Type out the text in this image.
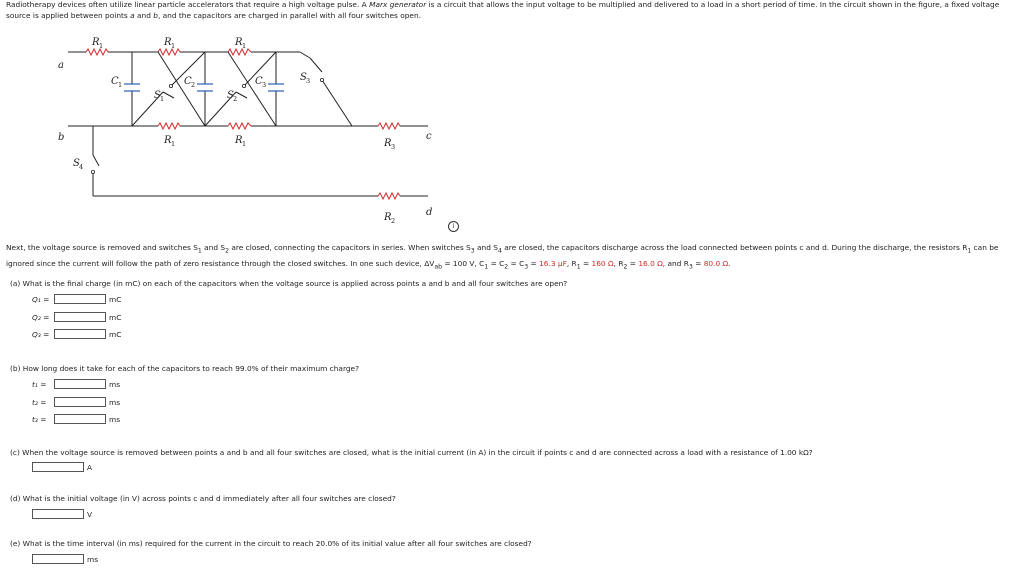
Radiotherapy devices often utilize linear particle accelerators that require a high voltage pulse. A Marx generator is a circuit that allows the input voltage to be multiplied and delivered to a load in a short period of time. In the circuit shown in the figure, a fixed voltage source is applied between points a and b, and the capacitors are charged in parallel with all four switches open.
a
b	c
d
R	R	R
R	R	R
R
C	C	C
S	S
S
S
1	1	1
1	1	3
2
1	2	3
1	2
3
4
i
Next, the voltage source is removed and switches $S_1$ and $S_2$ are closed, connecting the capacitors in series. When switches $S_3$ and $S_4$ are closed, the capacitors discharge across the load connected between points c and d. During the discharge, the resistors $R_1$ can be ignored since the current will follow the path of zero resistance through the closed switches. In one such device, $\Delta V_{ab} = 100$ V, $C_1 = C_2 = C_3 = 16.3$ μF, $R_1 = 160$ Ω, $R_2 = 16.0$ Ω, and $R_3 = 80.0$ Ω.
(a) What is the final charge (in mC) on each of the capacitors when the voltage source is applied across points a and b and all four switches are open?
Q₁ =	mC
Q₂ =	mC
Q₃ =	mC
(b) How long does it take for each of the capacitors to reach 99.0% of their maximum charge?
t₁ =	ms
t₂ =	ms
t₃ =	ms
(c) When the voltage source is removed between points a and b and all four switches are closed, what is the initial current (in A) in the circuit if points c and d are connected across a load with a resistance of 1.00 kΩ?
A
(d) What is the initial voltage (in V) across points c and d immediately after all four switches are closed?
V
(e) What is the time interval (in ms) required for the current in the circuit to reach 20.0% of its initial value after all four switches are closed?
ms
